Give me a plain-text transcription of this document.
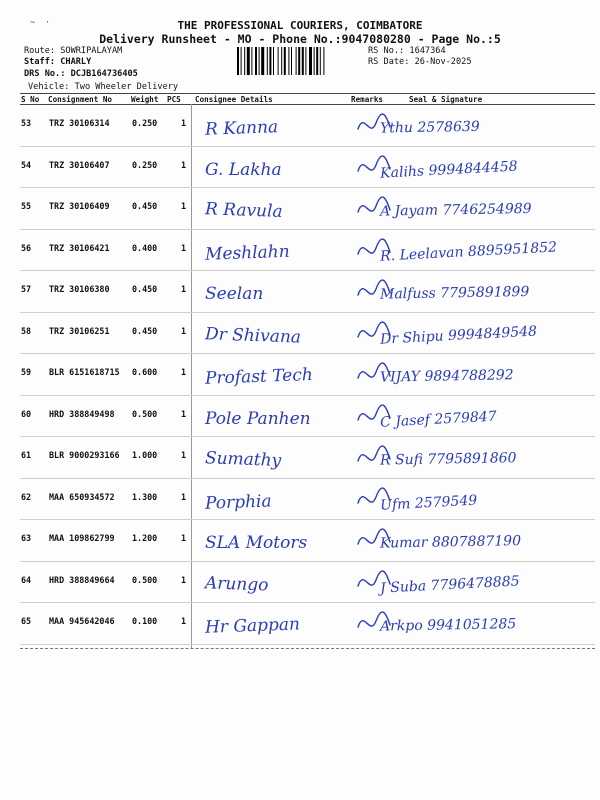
~ ·	THE PROFESSIONAL COURIERS, COIMBATORE
Delivery Runsheet - MO - Phone No.:9047080280 - Page No.:5
Route: SOWRIPALAYAM
Staff: CHARLY
DRS No.: DCJB164736405
Vehicle: Two Wheeler Delivery
RS No.: 1647364
RS Date: 26-Nov-2025
S No Consignment No Weight PCS Consignee Details	Remarks	Seal & Signature
53 TRZ 30106314	0.250	1 R Kanna	Ythu 2578639
54 TRZ 30106407	0.250	1 G. Lakha	Kalihs 9994844458
55 TRZ 30106409	0.450	1 R Ravula	A Jayam 7746254989
56 TRZ 30106421	0.400	1 Meshlahn	R. Leelavan 8895951852
57 TRZ 30106380	0.450	1 Seelan	Malfuss 7795891899
58 TRZ 30106251	0.450	1 Dr Shivana	Dr Shipu 9994849548
59 BLR 6151618715 0.600	1 Profast Tech	VIJAY 9894788292
60 HRD 388849498 0.500	1 Pole Panhen	C Jasef 2579847
61 BLR 9000293166 1.000	1 Sumathy	R Sufi 7795891860
62 MAA 650934572 1.300	1 Porphia	Ufm 2579549
63 MAA 109862799 1.200	1 SLA Motors	Kumar 8807887190
64 HRD 388849664 0.500	1 Arungo	J Suba 7796478885
65 MAA 945642046 0.100	1 Hr Gappan	Arkpo 9941051285
